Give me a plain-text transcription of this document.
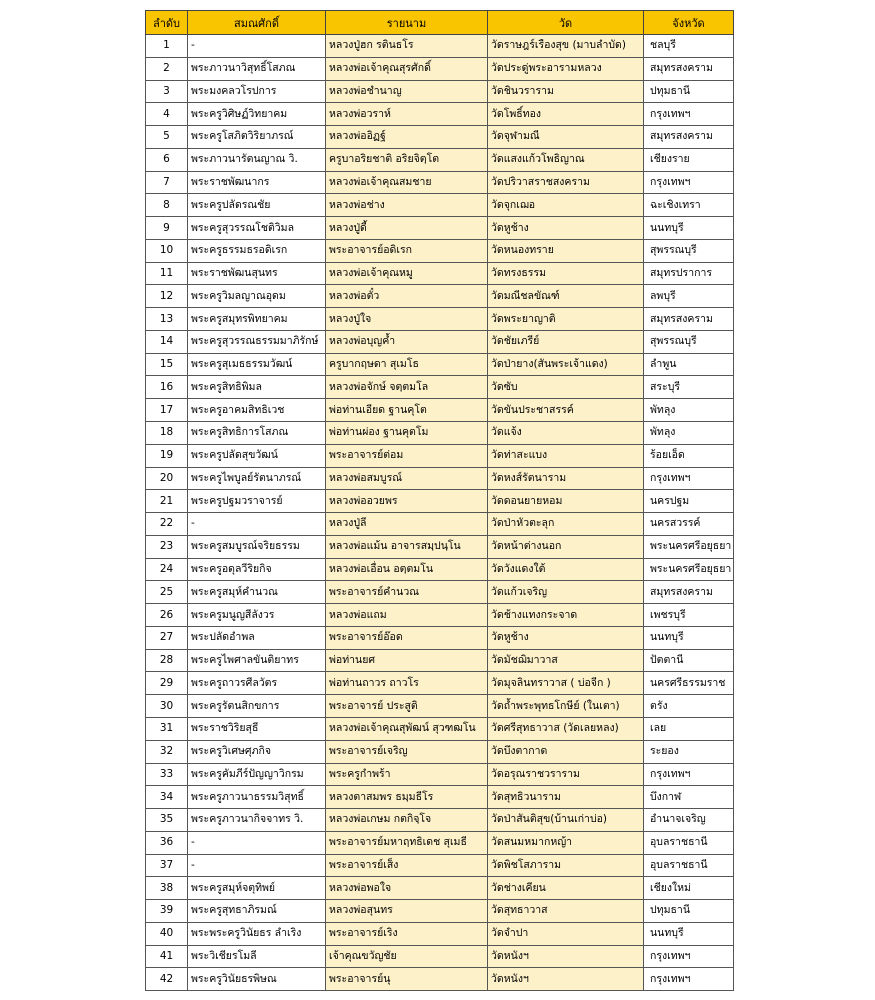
ลำดับ	สมณศักดิ์	รายนาม	วัด	จังหวัด
1	-	หลวงปู่ฮก รตินธโร	วัดราษฎร์เรืองสุข (มาบลำบัด)	ชลบุรี
2	พระภาวนาวิสุทธิ์โสภณ	หลวงพ่อเจ้าคุณสุรศักดิ์	วัดประดู่พระอารามหลวง	สมุทรสงคราม
3	พระมงคลวโรปการ	หลวงพ่อชำนาญ	วัดชินวราราม	ปทุมธานี
4	พระครูวิศิษฏ์วิทยาคม	หลวงพ่อวราห์	วัดโพธิ์ทอง	กรุงเทพฯ
5	พระครูโสภิตวิริยาภรณ์	หลวงพ่ออิฏฐ์	วัดจุฬามณี	สมุทรสงคราม
6	พระภาวนารัตนญาณ วิ.	ครูบาอริยชาติ อริยจิตฺโต	วัดแสงแก้วโพธิญาณ	เชียงราย
7	พระราชพัฒนากร	หลวงพ่อเจ้าคุณสมชาย	วัดปริวาสราชสงคราม	กรุงเทพฯ
8	พระครูปลัดรณชัย	หลวงพ่อช่าง	วัดจุกเฌอ	ฉะเชิงเทรา
9	พระครูสุวรรณโชติวิมล	หลวงปู่ดี้	วัดหูช้าง	นนทบุรี
10	พระครูธรรมธรอดิเรก	พระอาจารย์อดิเรก	วัดหนองทราย	สุพรรณบุรี
11	พระราชพัฒนสุนทร	หลวงพ่อเจ้าคุณหมู	วัดทรงธรรม	สมุทรปราการ
12	พระครูวิมลญาณอุดม	หลวงพ่อตั๋ว	วัดมณีชลขัณฑ์	ลพบุรี
13	พระครูสมุทรพิทยาคม	หลวงปู่ใจ	วัดพระยาญาติ	สมุทรสงคราม
14	พระครูสุวรรณธรรมมาภิรักษ์	หลวงพ่อบุญค้ำ	วัดชัยเภรีย์	สุพรรณบุรี
15	พระครูสุเมธธรรมวัฒน์	ครูบากฤษดา สุเมโธ	วัดป่ายาง(สันพระเจ้าแดง)	ลำพูน
16	พระครูสิทธิพิมล	หลวงพ่อจักษ์ จตฺตมโล	วัดซับ	สระบุรี
17	พระครูอาคมสิทธิเวช	พ่อท่านเอียด ฐานคุโต	วัดขันประชาสรรค์	พัทลุง
18	พระครูสิทธิการโสภณ	พ่อท่านผ่อง ฐานคุตโม	วัดแจ้ง	พัทลุง
19	พระครูปลัดสุขวัฒน์	พระอาจารย์ต่อม	วัดท่าสะแบง	ร้อยเอ็ด
20	พระครูไพบูลย์รัตนาภรณ์	หลวงพ่อสมบูรณ์	วัดหงส์รัตนาราม	กรุงเทพฯ
21	พระครูปฐมวราจารย์	หลวงพ่ออวยพร	วัดดอนยายหอม	นครปฐม
22	-	หลวงปู่ลี	วัดป่าหัวตะลุก	นครสวรรค์
23	พระครูสมบูรณ์จริยธรรม	หลวงพ่อแม้น อาจารสมฺปนฺโน	วัดหน้าต่างนอก	พระนครศรีอยุธยา
24	พระครูอดุลวีริยกิจ	หลวงพ่อเอื่อน อตฺตมโน	วัดวังแดงใต้	พระนครศรีอยุธยา
25	พระครูสมุห์คำนวณ	พระอาจารย์คำนวณ	วัดแก้วเจริญ	สมุทรสงคราม
26	พระครูมนูญสีลังวร	หลวงพ่อแถม	วัดช้างแทงกระจาด	เพชรบุรี
27	พระปลัดอำพล	พระอาจารย์อ๊อด	วัดหูช้าง	นนทบุรี
28	พระครูไพศาลขันติยาทร	พ่อท่านยศ	วัดมัชฌิมาวาส	ปัตตานี
29	พระครูถาวรศีลวัตร	พ่อท่านถาวร ถาวโร	วัดมุจลินทราวาส ( บ่อจีก )	นครศรีธรรมราช
30	พระครูรัตนสิกขการ	พระอาจารย์ ประสูติ	วัดถ้ำพระพุทธโกษีย์ (ในเตา)	ตรัง
31	พระราชวิริยสุธี	หลวงพ่อเจ้าคุณสุพัฒน์ สุวฑฒโน	วัดศรีสุทธาวาส (วัดเลยหลง)	เลย
32	พระครูวิเศษศุภกิจ	พระอาจารย์เจริญ	วัดบึงตากาด	ระยอง
33	พระครูคัมภีร์ปัญญาวิกรม	พระครูกำพร้า	วัดอรุณราชวราราม	กรุงเทพฯ
34	พระครูภาวนาธรรมวิสุทธิ์	หลวงตาสมพร ธมฺมธีโร	วัดสุทธิวนาราม	บึงกาฬ
35	พระครูภาวนากิจจาทร วิ.	หลวงพ่อเกษม กตกิจฺโจ	วัดป่าสันติสุข(บ้านเก่าบ่อ)	อำนาจเจริญ
36	-	พระอาจารย์มหาฤทธิเดช สุเมธี	วัดสนมหมากหญ้า	อุบลราชธานี
37	-	พระอาจารย์เส็ง	วัดพิชโสภาราม	อุบลราชธานี
38	พระครูสมุห์จตุทิพย์	หลวงพ่อพอใจ	วัดช่างเคียน	เชียงใหม่
39	พระครูสุทธาภิรมณ์	หลวงพ่อสุนทร	วัดสุทธาวาส	ปทุมธานี
40	พระพระครูวินัยธร ลำเริง	พระอาจารย์เริง	วัดจำปา	นนทบุรี
41	พระวิเชียรโมลี	เจ้าคุณขวัญชัย	วัดหนังฯ	กรุงเทพฯ
42	พระครูวินัยธรพิษณ	พระอาจารย์นุ	วัดหนังฯ	กรุงเทพฯ
